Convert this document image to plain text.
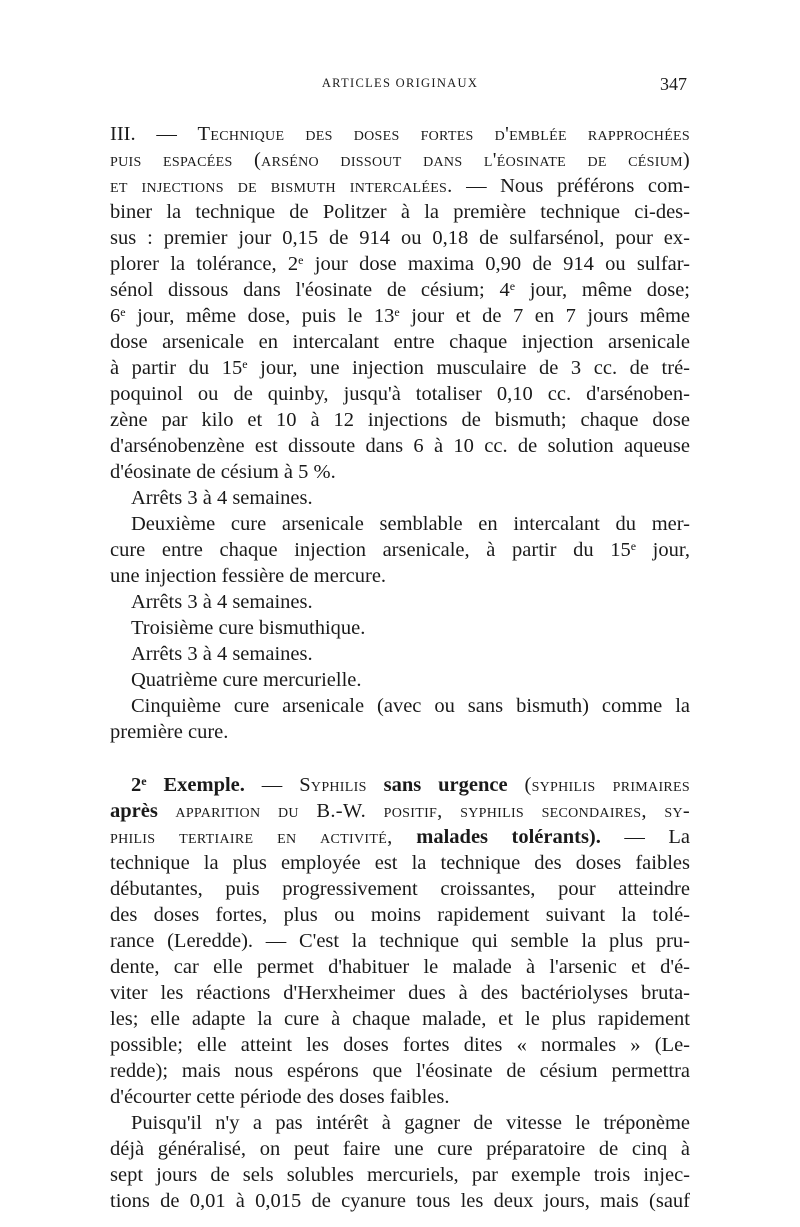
ARTICLES ORIGINAUX	347
III. — Technique des doses fortes d'emblée rapprochées
puis espacées (arséno dissout dans l'éosinate de césium)
et injections de bismuth intercalées. — Nous préférons com-
biner la technique de Politzer à la première technique ci-des-
sus : premier jour 0,15 de 914 ou 0,18 de sulfarsénol, pour ex-
plorer la tolérance, 2e jour dose maxima 0,90 de 914 ou sulfar-
sénol dissous dans l'éosinate de césium; 4e jour, même dose;
6e jour, même dose, puis le 13e jour et de 7 en 7 jours même
dose arsenicale en intercalant entre chaque injection arsenicale
à partir du 15e jour, une injection musculaire de 3 cc. de tré-
poquinol ou de quinby, jusqu'à totaliser 0,10 cc. d'arsénoben-
zène par kilo et 10 à 12 injections de bismuth; chaque dose
d'arsénobenzène est dissoute dans 6 à 10 cc. de solution aqueuse
d'éosinate de césium à 5 %.
Arrêts 3 à 4 semaines.
Deuxième cure arsenicale semblable en intercalant du mer-
cure entre chaque injection arsenicale, à partir du 15e jour,
une injection fessière de mercure.
Arrêts 3 à 4 semaines.
Troisième cure bismuthique.
Arrêts 3 à 4 semaines.
Quatrième cure mercurielle.
Cinquième cure arsenicale (avec ou sans bismuth) comme la
première cure.
2e Exemple. — Syphilis sans urgence (syphilis primaires
après apparition du B.-W. positif, syphilis secondaires, sy-
philis tertiaire en activité, malades tolérants). — La
technique la plus employée est la technique des doses faibles
débutantes, puis progressivement croissantes, pour atteindre
des doses fortes, plus ou moins rapidement suivant la tolé-
rance (Leredde). — C'est la technique qui semble la plus pru-
dente, car elle permet d'habituer le malade à l'arsenic et d'é-
viter les réactions d'Herxheimer dues à des bactériolyses bruta-
les; elle adapte la cure à chaque malade, et le plus rapidement
possible; elle atteint les doses fortes dites « normales » (Le-
redde); mais nous espérons que l'éosinate de césium permettra
d'écourter cette période des doses faibles.
Puisqu'il n'y a pas intérêt à gagner de vitesse le tréponème
déjà généralisé, on peut faire une cure préparatoire de cinq à
sept jours de sels solubles mercuriels, par exemple trois injec-
tions de 0,01 à 0,015 de cyanure tous les deux jours, mais (sauf
